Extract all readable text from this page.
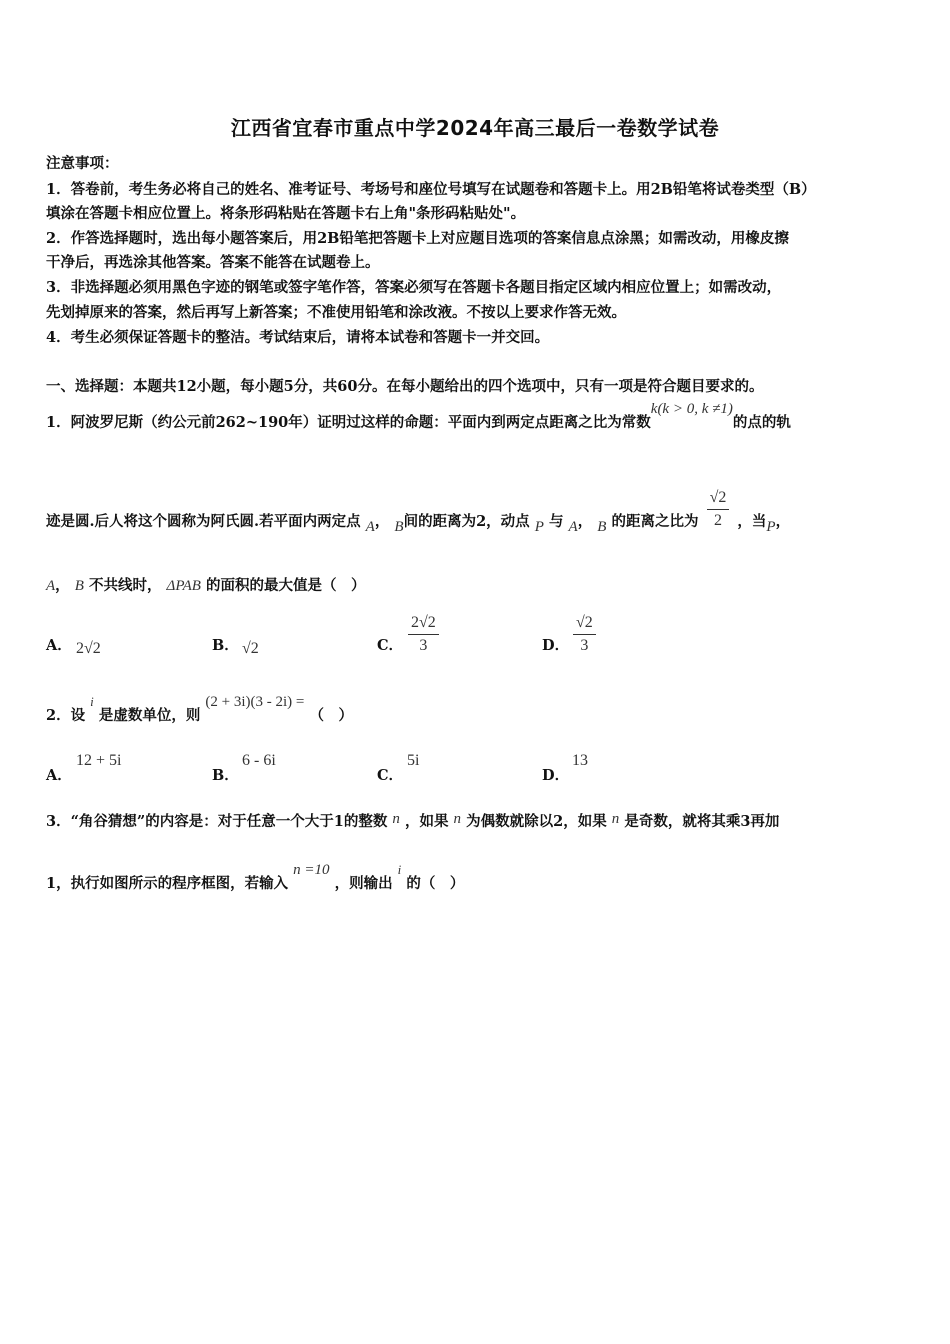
江西省宜春市重点中学2024年高三最后一卷数学试卷
注意事项：
1．答卷前，考生务必将自己的姓名、准考证号、考场号和座位号填写在试题卷和答题卡上。用2B铅笔将试卷类型（B）
填涂在答题卡相应位置上。将条形码粘贴在答题卡右上角"条形码粘贴处"。
2．作答选择题时，选出每小题答案后，用2B铅笔把答题卡上对应题目选项的答案信息点涂黑；如需改动，用橡皮擦
干净后，再选涂其他答案。答案不能答在试题卷上。
3．非选择题必须用黑色字迹的钢笔或签字笔作答，答案必须写在答题卡各题目指定区域内相应位置上；如需改动，
先划掉原来的答案，然后再写上新答案；不准使用铅笔和涂改液。不按以上要求作答无效。
4．考生必须保证答题卡的整洁。考试结束后，请将本试卷和答题卡一并交回。
一、选择题：本题共12小题，每小题5分，共60分。在每小题给出的四个选项中，只有一项是符合题目要求的。
1．阿波罗尼斯（约公元前262~190年）证明过这样的命题：平面内到两定点距离之比为常数k(k > 0, k ≠1)的点的轨
迹是圆.后人将这个圆称为阿氏圆.若平面内两定点 A， B间的距离为2，动点 P 与 A， B 的距离之比为 $\frac{√2}{2}$ ，当P，
A， B 不共线时， ΔPAB 的面积的最大值是（　）
A． 2√2	B． √2	C． $\frac{2√2}{3}$	D． $\frac{√2}{3}$
2．设 i 是虚数单位，则 (2 + 3i)(3 - 2i) = （　）
A．
12 + 5i
B．
6 - 6i
C．
5i
D．
13
3．“角谷猜想”的内容是：对于任意一个大于1的整数 n ，如果 n 为偶数就除以2，如果 n 是奇数，就将其乘3再加
1，执行如图所示的程序框图，若输入 n =10 ，则输出 i 的（　）
